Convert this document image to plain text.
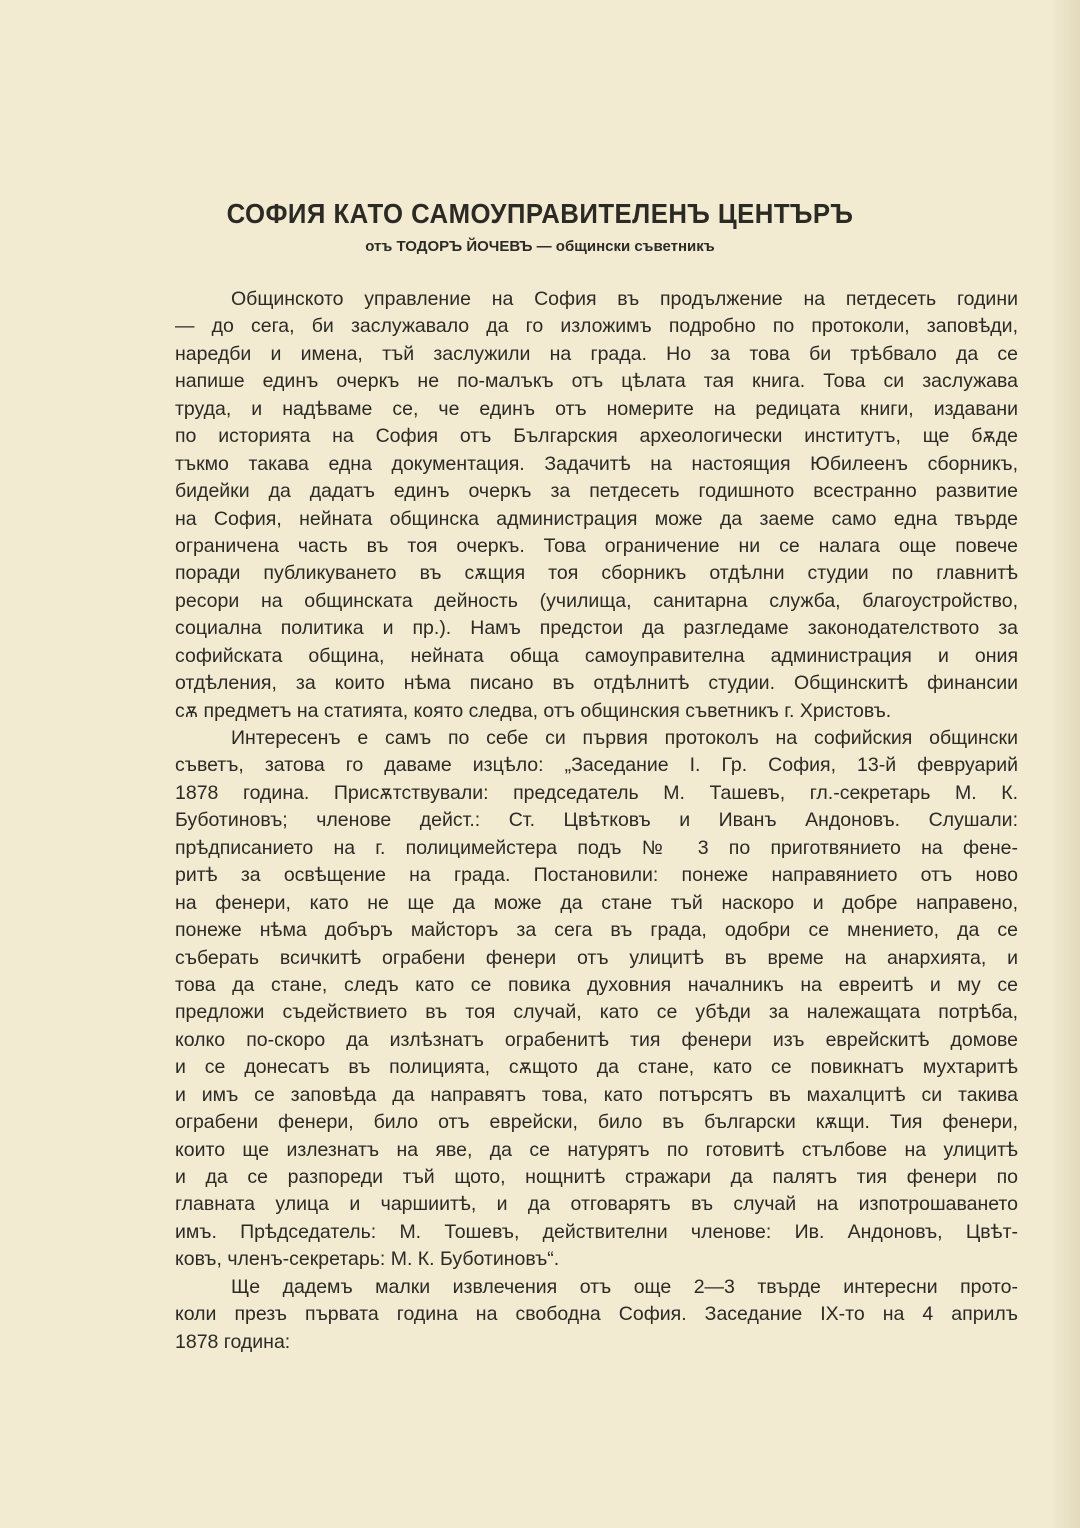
СОФИЯ КАТО САМОУПРАВИТЕЛЕНЪ ЦЕНТЪРЪ
отъ ТОДОРЪ ЙОЧЕВЪ — общински съветникъ
Общинското управление на София въ продължение на петдесеть години
— до сега, би заслужавало да го изложимъ подробно по протоколи, заповѣди,
наредби и имена, тъй заслужили на града. Но за това би трѣбвало да се
напише единъ очеркъ не по-малъкъ отъ цѣлата тая книга. Това си заслужава
труда, и надѣваме се, че единъ отъ номерите на редицата книги, издавани
по историята на София отъ Българския археологически институтъ, ще бѫде
тъкмо такава една документация. Задачитѣ на настоящия Юбилеенъ сборникъ,
бидейки да дадатъ единъ очеркъ за петдесеть годишното всестранно развитие
на София, нейната общинска администрация може да заеме само една твърде
ограничена часть въ тоя очеркъ. Това ограничение ни се налага още повече
поради публикуването въ сѫщия тоя сборникъ отдѣлни студии по главнитѣ
ресори на общинската дейность (училища, санитарна служба, благоустройство,
социална политика и пр.). Намъ предстои да разгледаме законодателството за
софийската община, нейната обща самоуправителна администрация и ония
отдѣления, за които нѣма писано въ отдѣлнитѣ студии. Общинскитѣ финансии
сѫ предметъ на статията, която следва, отъ общинския съветникъ г. Христовъ.
Интересенъ е самъ по себе си първия протоколъ на софийския общински
съветъ, затова го даваме изцѣло: „Заседание I. Гр. София, 13-й февруарий
1878 година. Присѫтствували: председатель М. Ташевъ, гл.-секретарь М. К.
Буботиновъ; членове дейст.: Ст. Цвѣтковъ и Иванъ Андоновъ. Слушали:
прѣдписанието на г. полицимейстера подъ № 3 по приготвянието на фене-
ритѣ за освѣщение на града. Постановили: понеже направянието отъ ново
на фенери, като не ще да може да стане тъй наскоро и добре направено,
понеже нѣма добъръ майсторъ за сега въ града, одобри се мнението, да се
съберать всичкитѣ ограбени фенери отъ улицитѣ въ време на анархията, и
това да стане, следъ като се повика духовния началникъ на евреитѣ и му се
предложи съдействието въ тоя случай, като се убѣди за належащата потрѣба,
колко по-скоро да излѣзнатъ ограбенитѣ тия фенери изъ еврейскитѣ домове
и се донесатъ въ полицията, сѫщото да стане, като се повикнатъ мухтаритѣ
и имъ се заповѣда да направятъ това, като потърсятъ въ махалцитѣ си такива
ограбени фенери, било отъ еврейски, било въ български кѫщи. Тия фенери,
които ще излезнатъ на яве, да се натурятъ по готовитѣ стълбове на улицитѣ
и да се разпореди тъй щото, нощнитѣ стражари да палятъ тия фенери по
главната улица и чаршиитѣ, и да отговарятъ въ случай на изпотрошаването
имъ. Прѣдседатель: М. Тошевъ, действителни членове: Ив. Андоновъ, Цвѣт-
ковъ, членъ-секретарь: М. К. Буботиновъ“.
Ще дадемъ малки извлечения отъ още 2—3 твърде интересни прото-
коли презъ първата година на свободна София. Заседание IX-то на 4 априлъ
1878 година:
